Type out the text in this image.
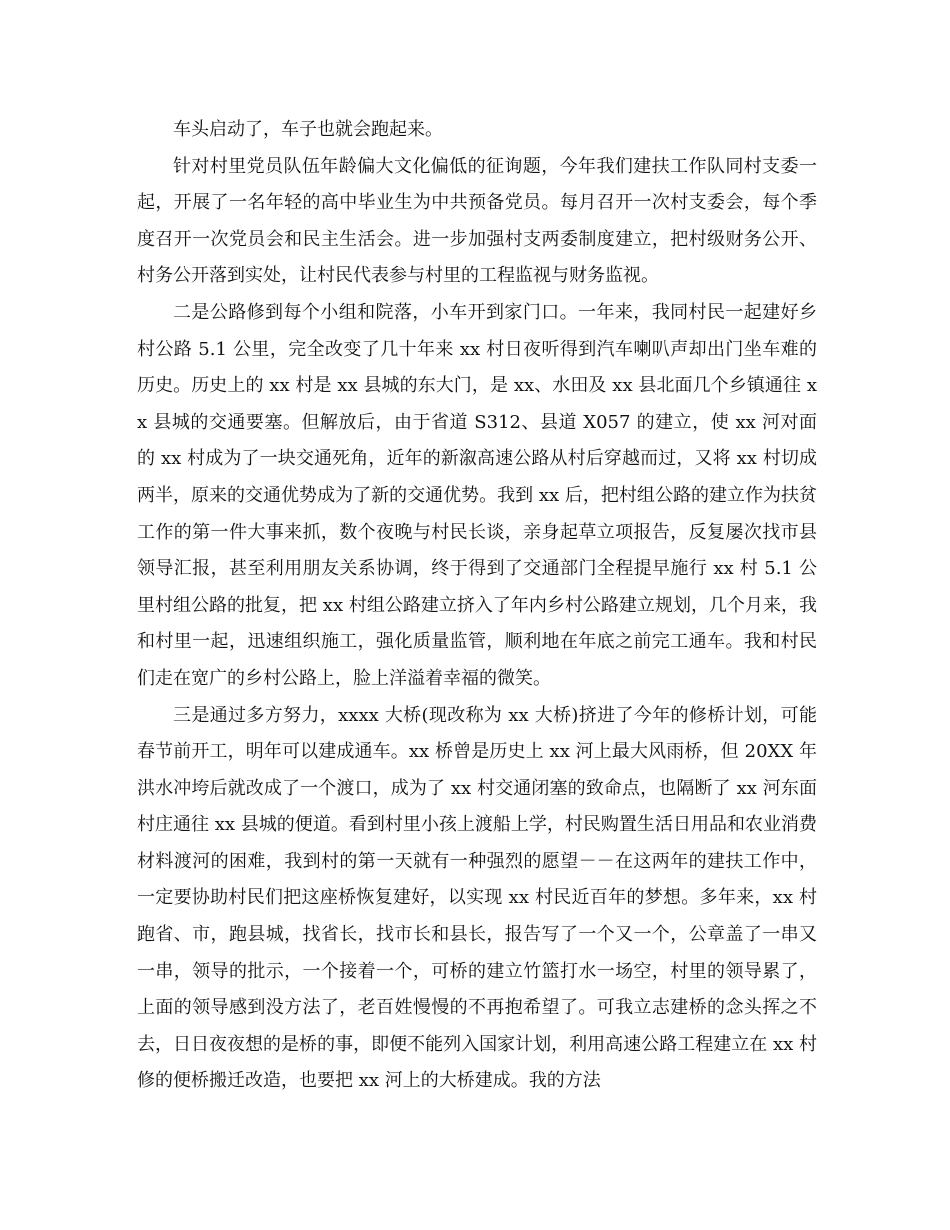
车头启动了，车子也就会跑起来。

针对村里党员队伍年龄偏大文化偏低的征询题，今年我们建扶工作队同村支委一起，开展了一名年轻的高中毕业生为中共预备党员。每月召开一次村支委会，每个季度召开一次党员会和民主生活会。进一步加强村支两委制度建立，把村级财务公开、村务公开落到实处，让村民代表参与村里的工程监视与财务监视。

二是公路修到每个小组和院落，小车开到家门口。一年来，我同村民一起建好乡村公路 5.1 公里，完全改变了几十年来 xx 村日夜听得到汽车喇叭声却出门坐车难的历史。历史上的 xx 村是 xx 县城的东大门，是 xx、水田及 xx 县北面几个乡镇通往 xx 县城的交通要塞。但解放后，由于省道 S312、县道 X057 的建立，使 xx 河对面的 xx 村成为了一块交通死角，近年的新溆高速公路从村后穿越而过，又将 xx 村切成两半，原来的交通优势成为了新的交通优势。我到 xx 后，把村组公路的建立作为扶贫工作的第一件大事来抓，数个夜晚与村民长谈，亲身起草立项报告，反复屡次找市县领导汇报，甚至利用朋友关系协调，终于得到了交通部门全程提早施行 xx 村 5.1 公里村组公路的批复，把 xx 村组公路建立挤入了年内乡村公路建立规划，几个月来，我和村里一起，迅速组织施工，强化质量监管，顺利地在年底之前完工通车。我和村民们走在宽广的乡村公路上，脸上洋溢着幸福的微笑。

三是通过多方努力，xxxx 大桥(现改称为 xx 大桥)挤进了今年的修桥计划，可能春节前开工，明年可以建成通车。xx 桥曾是历史上 xx 河上最大风雨桥，但 20XX 年洪水冲垮后就改成了一个渡口，成为了 xx 村交通闭塞的致命点，也隔断了 xx 河东面村庄通往 xx 县城的便道。看到村里小孩上渡船上学，村民购置生活日用品和农业消费材料渡河的困难，我到村的第一天就有一种强烈的愿望－－在这两年的建扶工作中，一定要协助村民们把这座桥恢复建好，以实现 xx 村民近百年的梦想。多年来，xx 村跑省、市，跑县城，找省长，找市长和县长，报告写了一个又一个，公章盖了一串又一串，领导的批示，一个接着一个，可桥的建立竹篮打水一场空，村里的领导累了，上面的领导感到没方法了，老百姓慢慢的不再抱希望了。可我立志建桥的念头挥之不去，日日夜夜想的是桥的事，即便不能列入国家计划，利用高速公路工程建立在 xx 村修的便桥搬迁改造，也要把 xx 河上的大桥建成。我的方法
